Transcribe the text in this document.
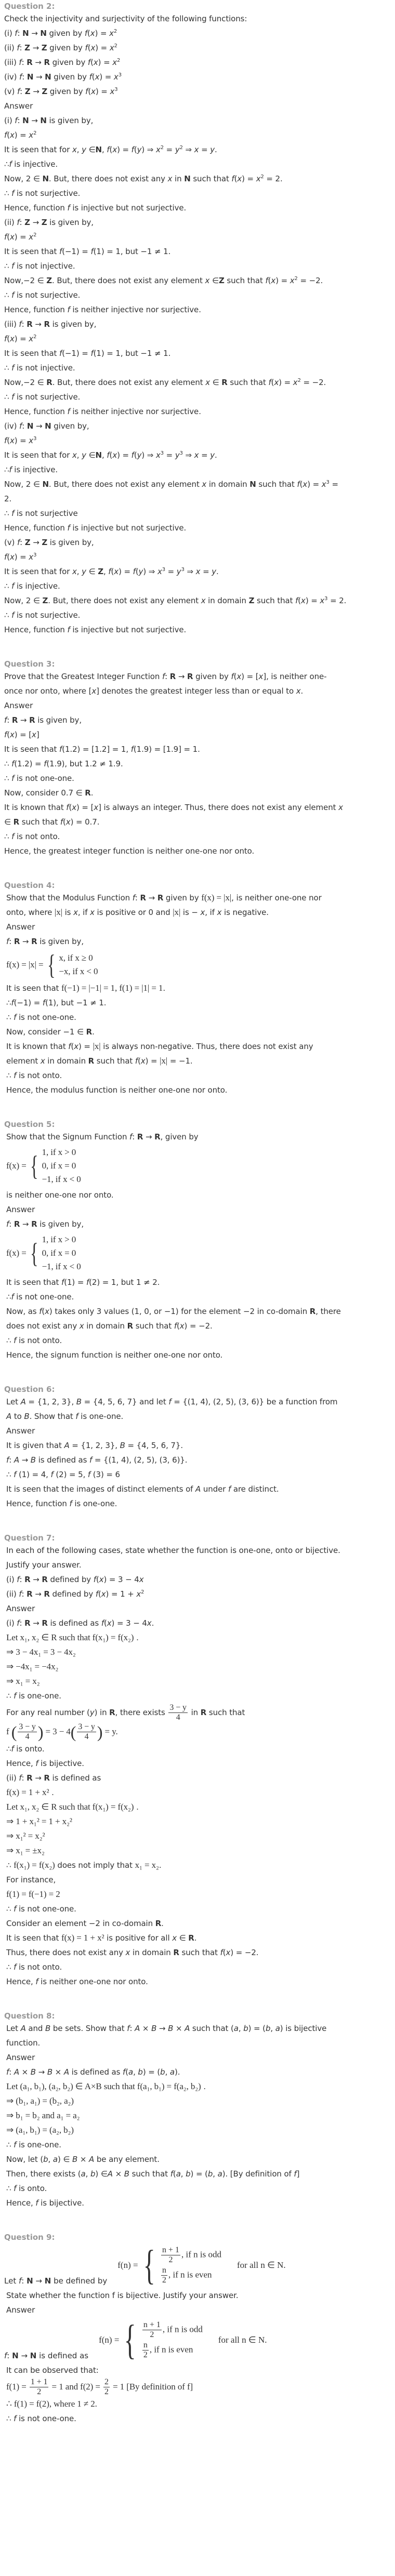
Question 2:
Check the injectivity and surjectivity of the following functions:
(i) f: N → N given by $f(x) = x^2$
(ii) f: Z → Z given by $f(x) = x^2$
(iii) f: R → R given by $f(x) = x^2$
(iv) f: N → N given by $f(x) = x^3$
(v) f: Z → Z given by $f(x) = x^3$
Answer
(i) f: N → N is given by,
$f(x) = x^2$
It is seen that for x, y ∈N, f(x) = f(y) ⇒ $x^2 = y^2$ ⇒ x = y.
∴f is injective.
Now, 2 ∈ N. But, there does not exist any x in N such that $f(x) = x^2 = 2$.
∴ f is not surjective.
Hence, function f is injective but not surjective.
(ii) f: Z → Z is given by,
$f(x) = x^2$
It is seen that f(−1) = f(1) = 1, but −1 ≠ 1.
∴ f is not injective.
Now,−2 ∈ Z. But, there does not exist any element x ∈Z such that $f(x) = x^2 = -2$.
∴ f is not surjective.
Hence, function f is neither injective nor surjective.
(iii) f: R → R is given by,
$f(x) = x^2$
It is seen that f(−1) = f(1) = 1, but −1 ≠ 1.
∴ f is not injective.
Now,−2 ∈ R. But, there does not exist any element x ∈ R such that $f(x) = x^2 = -2$.
∴ f is not surjective.
Hence, function f is neither injective nor surjective.
(iv) f: N → N given by,
$f(x) = x^3$
It is seen that for x, y ∈N, f(x) = f(y) ⇒ $x^3 = y^3$ ⇒ x = y.
∴f is injective.
Now, 2 ∈ N. But, there does not exist any element x in domain N such that $f(x) = x^3$ =
2.
∴ f is not surjective
Hence, function f is injective but not surjective.
(v) f: Z → Z is given by,
$f(x) = x^3$
It is seen that for x, y ∈ Z, f(x) = f(y) ⇒ $x^3 = y^3$ ⇒ x = y.
∴ f is injective.
Now, 2 ∈ Z. But, there does not exist any element x in domain Z such that $f(x) = x^3 = 2$.
∴ f is not surjective.
Hence, function f is injective but not surjective.
Question 3:
Prove that the Greatest Integer Function f: R → R given by f(x) = [x], is neither one-
once nor onto, where [x] denotes the greatest integer less than or equal to x.
Answer
f: R → R is given by,
f(x) = [x]
It is seen that f(1.2) = [1.2] = 1, f(1.9) = [1.9] = 1.
∴ f(1.2) = f(1.9), but 1.2 ≠ 1.9.
∴ f is not one-one.
Now, consider 0.7 ∈ R.
It is known that f(x) = [x] is always an integer. Thus, there does not exist any element x
∈ R such that f(x) = 0.7.
∴ f is not onto.
Hence, the greatest integer function is neither one-one nor onto.
Question 4:
Show that the Modulus Function f: R → R given by f(x) = |x|, is neither one-one nor
onto, where |x| is x, if x is positive or 0 and |x| is − x, if x is negative.
Answer
f: R → R is given by,
f(x) = |x| = { x, if x ≥ 0
−x, if x < 0
It is seen that f(−1) = |−1| = 1, f(1) = |1| = 1.
∴f(−1) = f(1), but −1 ≠ 1.
∴ f is not one-one.
Now, consider −1 ∈ R.
It is known that f(x) = |x| is always non-negative. Thus, there does not exist any
element x in domain R such that f(x) = |x| = −1.
∴ f is not onto.
Hence, the modulus function is neither one-one nor onto.
Question 5:
Show that the Signum Function f: R → R, given by
f(x) = { 1, if x > 0
0, if x = 0
−1, if x < 0
is neither one-one nor onto.
Answer
f: R → R is given by,
f(x) = { 1, if x > 0
0, if x = 0
−1, if x < 0
It is seen that f(1) = f(2) = 1, but 1 ≠ 2.
∴f is not one-one.
Now, as f(x) takes only 3 values (1, 0, or −1) for the element −2 in co-domain R, there
does not exist any x in domain R such that f(x) = −2.
∴ f is not onto.
Hence, the signum function is neither one-one nor onto.
Question 6:
Let A = {1, 2, 3}, B = {4, 5, 6, 7} and let f = {(1, 4), (2, 5), (3, 6)} be a function from
A to B. Show that f is one-one.
Answer
It is given that A = {1, 2, 3}, B = {4, 5, 6, 7}.
f: A → B is defined as f = {(1, 4), (2, 5), (3, 6)}.
∴ f (1) = 4, f (2) = 5, f (3) = 6
It is seen that the images of distinct elements of A under f are distinct.
Hence, function f is one-one.
Question 7:
In each of the following cases, state whether the function is one-one, onto or bijective.
Justify your answer.
(i) f: R → R defined by f(x) = 3 − 4x
(ii) f: R → R defined by $f(x) = 1 + x^2$
Answer
(i) f: R → R is defined as f(x) = 3 − 4x.
Let x₁, x₂ ∈ R such that f(x₁) = f(x₂) .
⇒ 3 − 4x₁ = 3 − 4x₂
⇒ −4x₁ = −4x₂
⇒ x₁ = x₂
∴ f is one-one.
For any real number (y) in R, there exists $\frac{3 - y}{4}$ in R such that
f ( $\frac{3 - y}{4}$ ) = $3 - 4( \frac{3 - y}{4}$ ) = y.
∴f is onto.
Hence, f is bijective.
(ii) f: R → R is defined as
f(x) = 1 + x² .
Let x₁, x₂ ∈ R such that f(x₁) = f(x₂) .
⇒ 1 + x₁² = 1 + x₂²
⇒ x₁² = x₂²
⇒ x₁ = ±x₂
∴ f(x₁) = f(x₂) does not imply that x₁ = x₂.
For instance,
f(1) = f(−1) = 2
∴ f is not one-one.
Consider an element −2 in co-domain R.
It is seen that f(x) = 1 + x² is positive for all x ∈ R.
Thus, there does not exist any x in domain R such that f(x) = −2.
∴ f is not onto.
Hence, f is neither one-one nor onto.
Question 8:
Let A and B be sets. Show that f: A × B → B × A such that (a, b) = (b, a) is bijective
function.
Answer
f: A × B → B × A is defined as f(a, b) = (b, a).
Let (a₁, b₁), (a₂, b₂) ∈ A×B such that f(a₁, b₁) = f(a₂, b₂) .
⇒ (b₁, a₁) = (b₂, a₂)
⇒ b₁ = b₂ and a₁ = a₂
⇒ (a₁, b₁) = (a₂, b₂)
∴ f is one-one.
Now, let (b, a) ∈ B × A be any element.
Then, there exists (a, b) ∈A × B such that f(a, b) = (b, a). [By definition of f]
∴ f is onto.
Hence, f is bijective.
Question 9:
Let f: N → N be defined by
f(n) = { $\frac{n + 1}{2}$ , if n is odd
$\frac{n}{2}$ , if n is even
for all n ∈ N.
State whether the function f is bijective. Justify your answer.
Answer
f: N → N is defined as
f(n) = { $\frac{n + 1}{2}$ , if n is odd
$\frac{n}{2}$ , if n is even
for all n ∈ N.
It can be observed that:
$f(1) = \frac{1 + 1}{2} = 1$ and $f(2) = \frac{2}{2} = 1$ [By definition of f]
∴ f(1) = f(2), where 1 ≠ 2.
∴ f is not one-one.
